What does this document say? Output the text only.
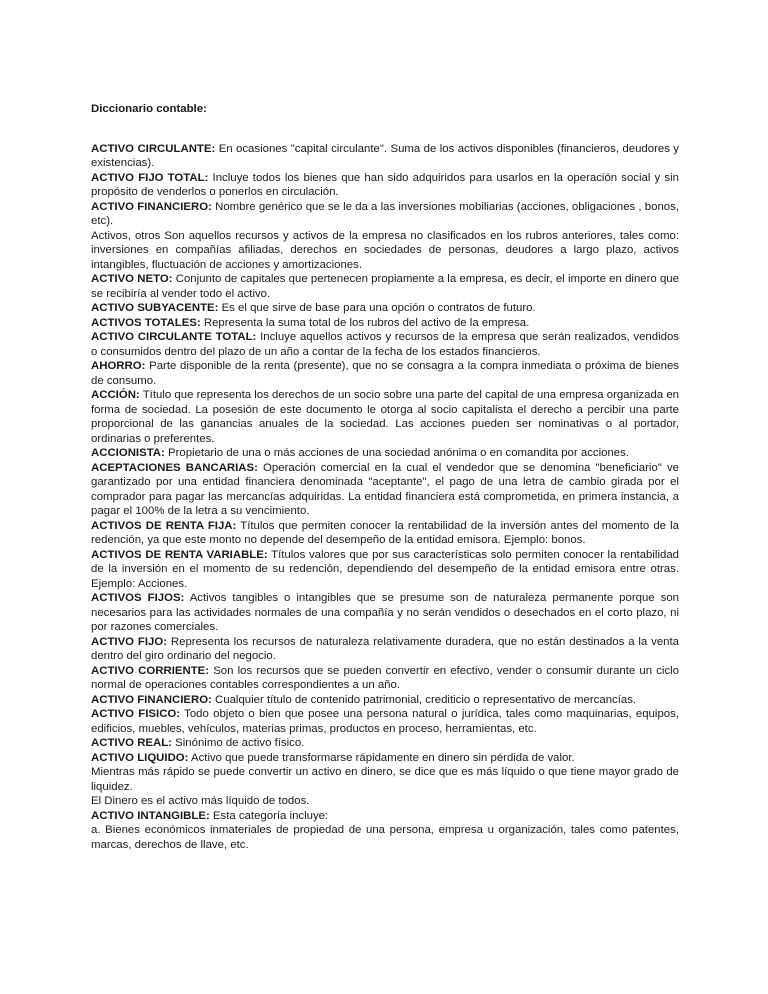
Diccionario contable:

ACTIVO CIRCULANTE: En ocasiones "capital circulante". Suma de los activos disponibles (financieros, deudores y existencias).

ACTIVO FIJO TOTAL: Incluye todos los bienes que han sido adquiridos para usarlos en la operación social y sin propósito de venderlos o ponerlos en circulación.

ACTIVO FINANCIERO: Nombre genérico que se le da a las inversiones mobiliarias (acciones, obligaciones , bonos, etc).

Activos, otros Son aquellos recursos y activos de la empresa no clasificados en los rubros anteriores, tales como: inversiones en compañías afiliadas, derechos en sociedades de personas, deudores a largo plazo, activos intangibles, fluctuación de acciones y amortizaciones.

ACTIVO NETO: Conjunto de capitales que pertenecen propiamente a la empresa, es decir, el importe en dinero que se recibiría al vender todo el activo.

ACTIVO SUBYACENTE: Es el que sirve de base para una opción o contratos de futuro.

ACTIVOS TOTALES: Representa la suma total de los rubros del activo de la empresa.

ACTIVO CIRCULANTE TOTAL: Incluye aquellos activos y recursos de la empresa que serán realizados, vendidos o consumidos dentro del plazo de un año a contar de la fecha de los estados financieros.

AHORRO: Parte disponible de la renta (presente), que no se consagra a la compra inmediata o próxima de bienes de consumo.

ACCIÓN: Título que representa los derechos de un socio sobre una parte del capital de una empresa organizada en forma de sociedad. La posesión de este documento le otorga al socio capitalista el derecho a percibir una parte proporcional de las ganancias anuales de la sociedad. Las acciones pueden ser nominativas o al portador, ordinarias o preferentes.

ACCIONISTA: Propietario de una o más acciones de una sociedad anónima o en comandita por acciones.

ACEPTACIONES BANCARIAS: Operación comercial en la cual el vendedor que se denomina "beneficiario" ve garantizado por una entidad financiera denominada "aceptante", el pago de una letra de cambio girada por el comprador para pagar las mercancías adquiridas. La entidad financiera está comprometida, en primera instancia, a pagar el 100% de la letra a su vencimiento.

ACTIVOS DE RENTA FIJA: Títulos que permiten conocer la rentabilidad de la inversión antes del momento de la redención, ya que este monto no depende del desempeño de la entidad emisora. Ejemplo: bonos.

ACTIVOS DE RENTA VARIABLE: Títulos valores que por sus características solo permiten conocer la rentabilidad de la inversión en el momento de su redención, dependiendo del desempeño de la entidad emisora entre otras. Ejemplo: Acciones.

ACTIVOS FIJOS: Activos tangibles o intangibles que se presume son de naturaleza permanente porque son necesarios para las actividades normales de una compañía y no serán vendidos o desechados en el corto plazo, ni por razones comerciales.

ACTIVO FIJO: Representa los recursos de naturaleza relativamente duradera, que no están destinados a la venta dentro del giro ordinario del negocio.

ACTIVO CORRIENTE: Son los recursos que se pueden convertir en efectivo, vender o consumir durante un ciclo normal de operaciones contables correspondientes a un año.

ACTIVO FINANCIERO: Cualquier título de contenido patrimonial, crediticio o representativo de mercancías.

ACTIVO FISICO: Todo objeto o bien que posee una persona natural o jurídica, tales como maquinarias, equipos, edificios, muebles, vehículos, materias primas, productos en proceso, herramientas, etc.

ACTIVO REAL: Sinónimo de activo físico.

ACTIVO LIQUIDO: Activo que puede transformarse rápidamente en dinero sin pérdida de valor.

Mientras más rápido se puede convertir un activo en dinero, se dice que es más líquido o que tiene mayor grado de liquidez.

El Dinero es el activo más líquido de todos.

ACTIVO INTANGIBLE: Esta categoría incluye:

a. Bienes económicos inmateriales de propiedad de una persona, empresa u organización, tales como patentes, marcas, derechos de llave, etc.
